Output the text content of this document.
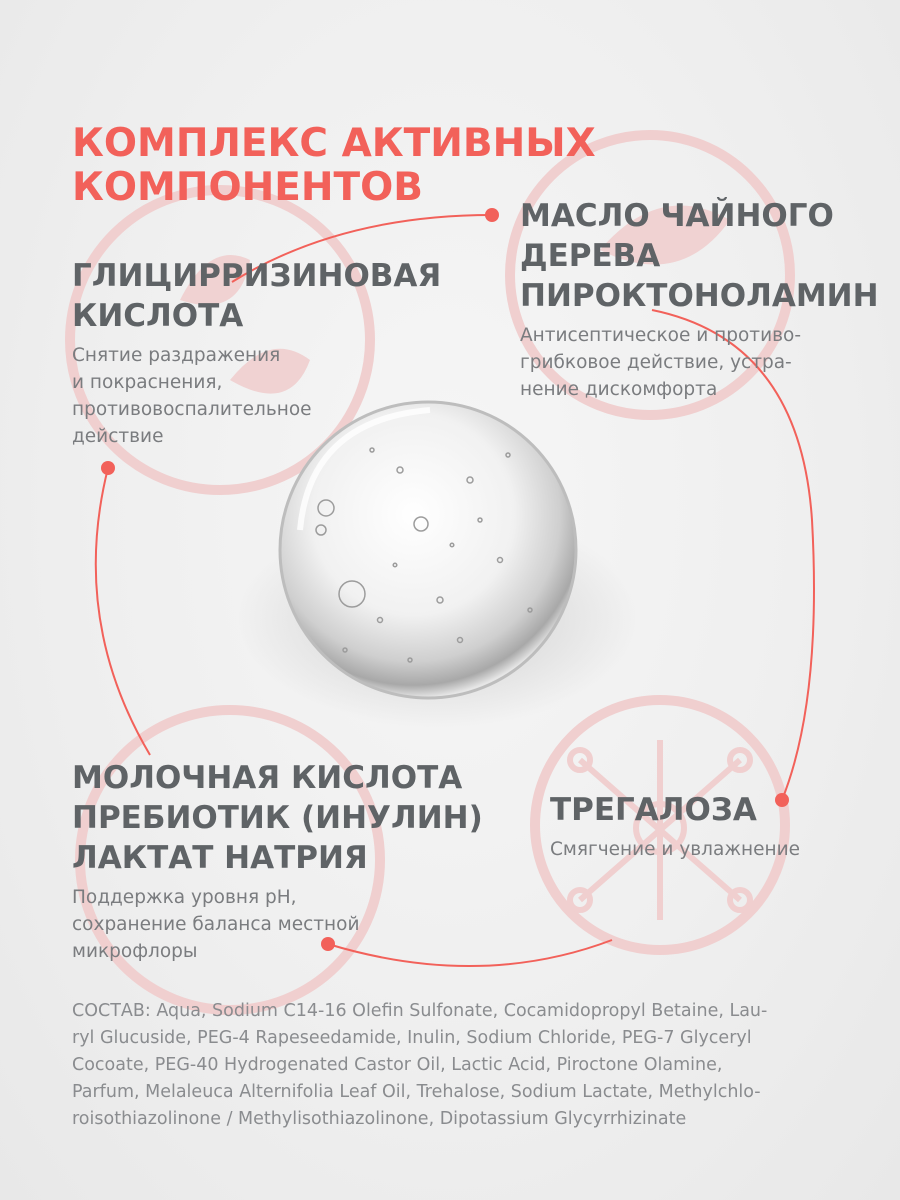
КОМПЛЕКС АКТИВНЫХ
КОМПОНЕНТОВ
ГЛИЦИРРИЗИНОВАЯ
КИСЛОТА

Снятие раздражения
и покраснения,
противовоспалительное
действие

МАСЛО ЧАЙНОГО
ДЕРЕВА
ПИРОКТОНОЛАМИН

Антисептическое и противо-
грибковое действие, устра-
нение дискомфорта

МОЛОЧНАЯ КИСЛОТА
ПРЕБИОТИК (ИНУЛИН)
ЛАКТАТ НАТРИЯ

Поддержка уровня pH,
сохранение баланса местной
микрофлоры

ТРЕГАЛОЗА

Смягчение и увлажнение

СОСТАВ: Aqua, Sodium C14-16 Olefin Sulfonate, Cocamidopropyl Betaine, Lau-
ryl Glucuside, PEG-4 Rapeseedamide, Inulin, Sodium Chloride, PEG-7 Glyceryl
Cocoate, PEG-40 Hydrogenated Castor Oil, Lactic Acid, Piroctone Olamine,
Parfum, Melaleuca Alternifolia Leaf Oil, Trehalose, Sodium Lactate, Methylchlo-
roisothiazolinone / Methylisothiazolinone, Dipotassium Glycyrrhizinate
